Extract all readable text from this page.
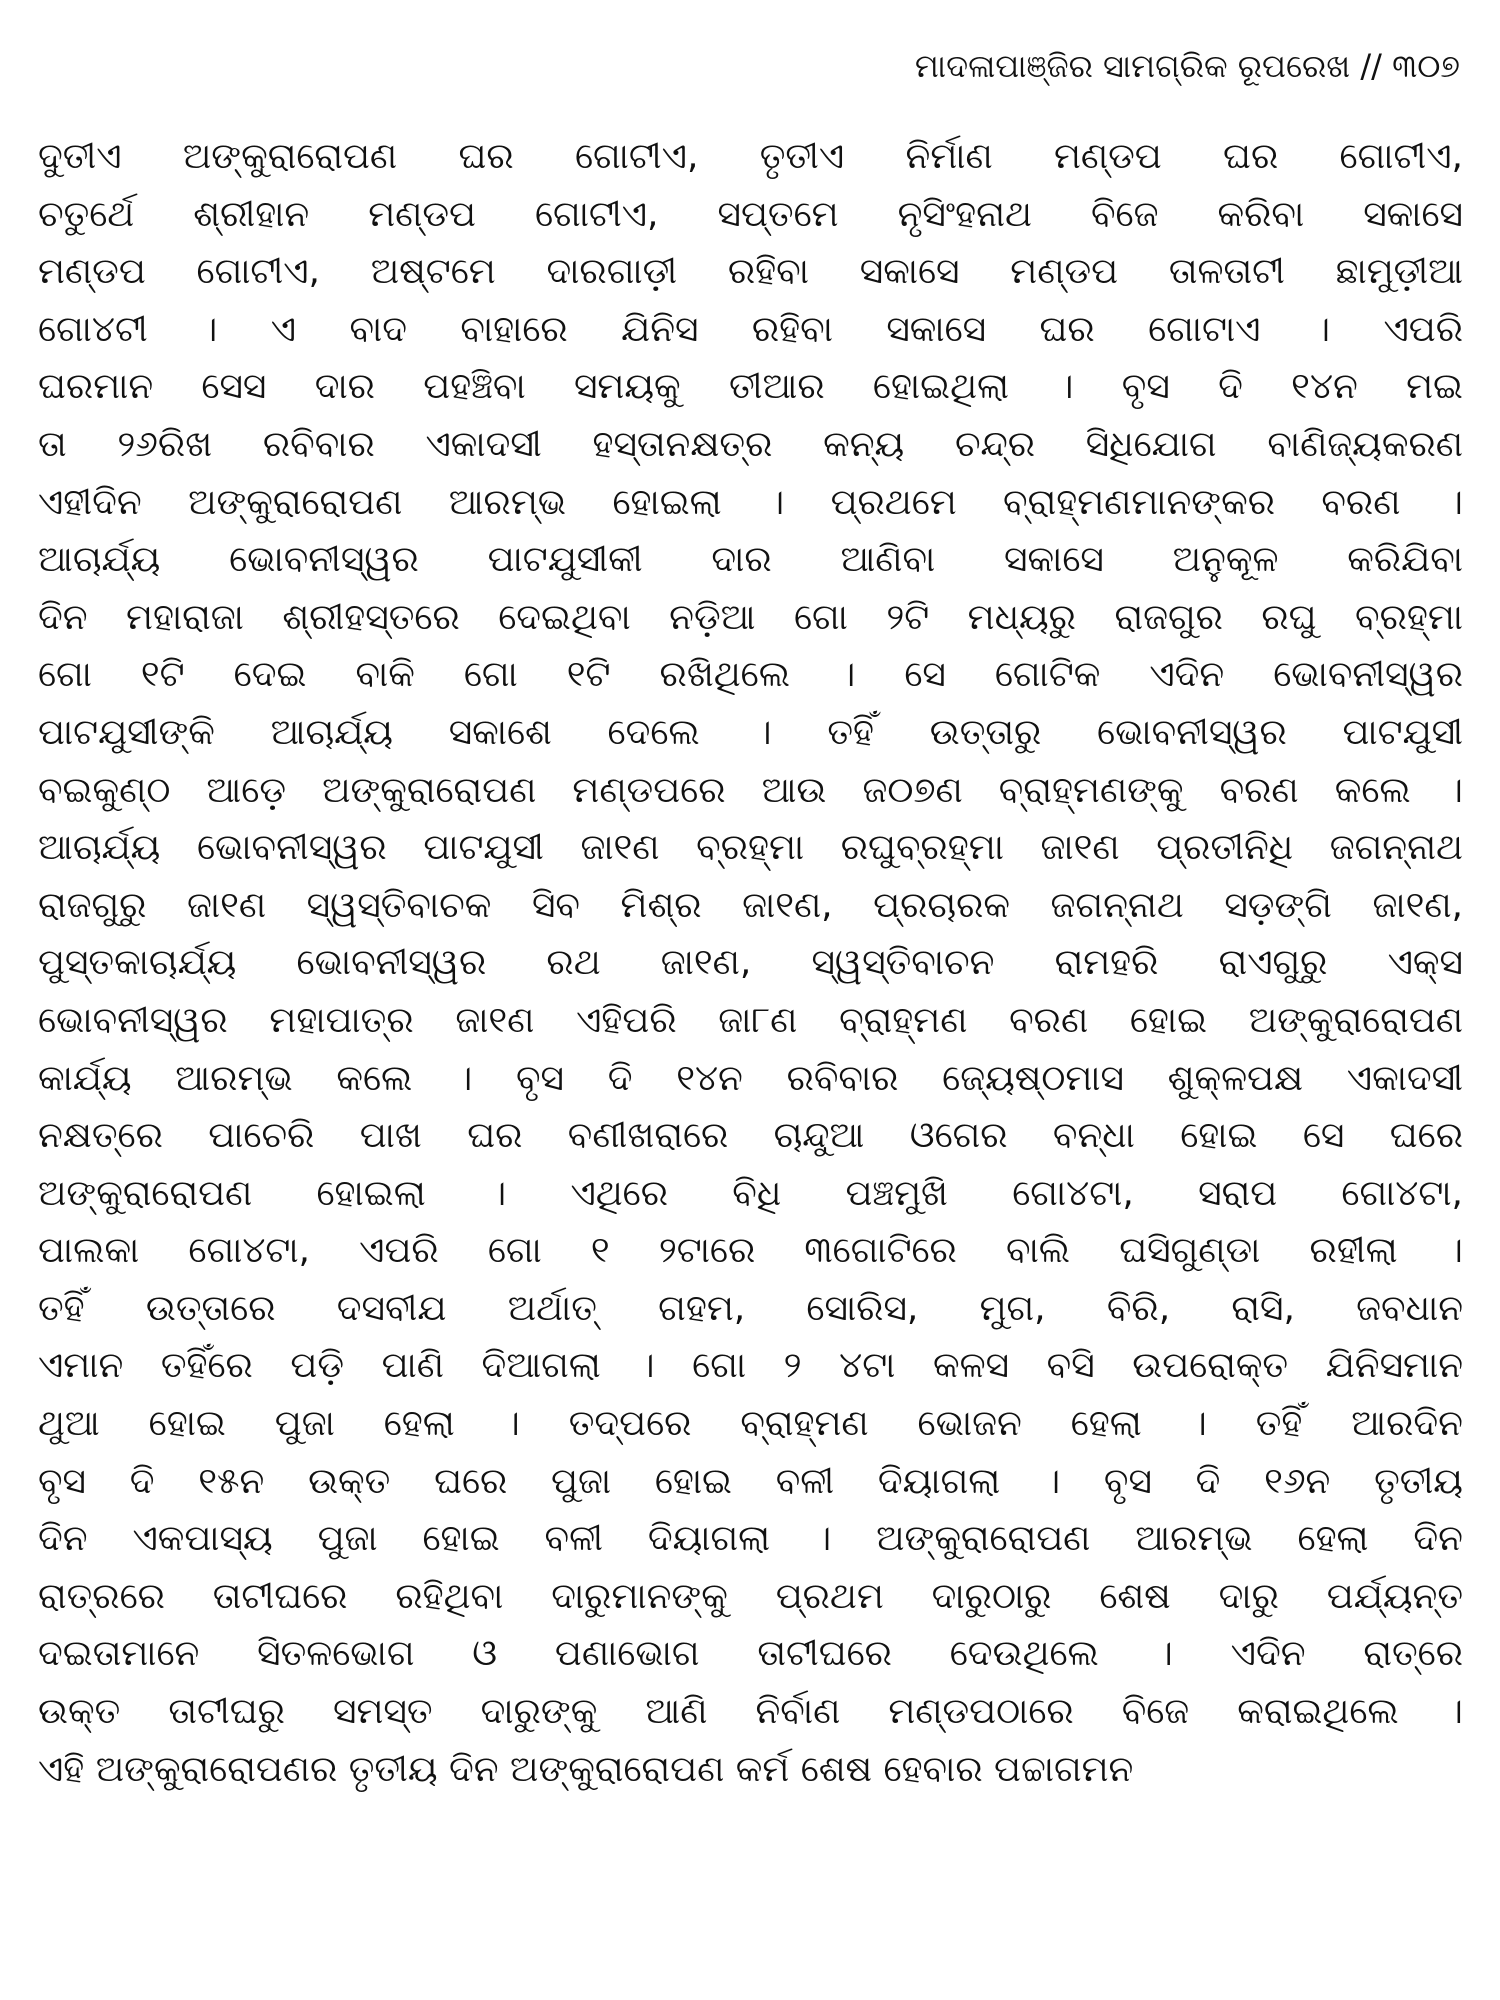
ମାଦଳାପାଞ୍ଜିର ସାମଗ୍ରିକ ରୂପରେଖ // ୩୦୭
ଦୁତୀଏ ଅଙ୍କୁରାରୋପଣ ଘର ଗୋଟୀଏ, ତୃତୀଏ ନିର୍ମାଣ ମଣ୍ଡପ ଘର ଗୋଟୀଏ,
ଚତୁର୍ଥେ ଶ୍ରୀହାନ ମଣ୍ଡପ ଗୋଟୀଏ, ସପ୍ତମେ ନୃସିଂହନାଥ ବିଜେ କରିବା ସକାସେ
ମଣ୍ଡପ ଗୋଟୀଏ, ଅଷ୍ଟମେ ଦାରଗାଡ଼ୀ ରହିବା ସକାସେ ମଣ୍ଡପ ତାଳତାଟୀ ଛାମୁଡ଼ୀଆ
ଗୋ୪ଟୀ । ଏ ବାଦ ବାହାରେ ଯିନିସ ରହିବା ସକାସେ ଘର ଗୋଟାଏ । ଏପରି
ଘରମାନ ସେସ ଦାର ପହଞ୍ଚିବା ସମୟକୁ ତୀଆର ହୋଇଥିଲା । ବୃସ ଦି ୧୪ନ ମଇ
ତା ୨୬ରିଖ ରବିବାର ଏକାଦସୀ ହସ୍ତାନକ୍ଷତ୍ର କନ୍ୟ ଚନ୍ଦ୍ର ସିଧିଯୋଗ ବାଣିଜ୍ୟକରଣ
ଏହୀଦିନ ଅଙ୍କୁରାରୋପଣ ଆରମ୍ଭ ହୋଇଲା । ପ୍ରଥମେ ବ୍ରାହ୍ମଣମାନଙ୍କର ବରଣ ।
ଆଚାର୍ଯ୍ୟ ଭୋବନୀସ୍ୱର ପାଟଯୁସୀକୀ ଦାର ଆଣିବା ସକାସେ ଅନୁକୂଳ କରିଯିବା
ଦିନ ମହାରାଜା ଶ୍ରୀହସ୍ତରେ ଦେଇଥିବା ନଡ଼ିଆ ଗୋ ୨ଟି ମଧ୍ୟରୁ ରାଜଗୁର ରଘୁ ବ୍ରହ୍ମା
ଗୋ ୧ଟି ଦେଇ ବାକି ଗୋ ୧ଟି ରଖିଥିଲେ । ସେ ଗୋଟିକ ଏଦିନ ଭୋବନୀସ୍ୱର
ପାଟଯୁସୀଙ୍କି ଆଚାର୍ଯ୍ୟ ସକାଶେ ଦେଲେ । ତହିଁ ଉତ୍ତାରୁ ଭୋବନୀସ୍ୱର ପାଟଯୁସୀ
ବଇକୁଣ୍ଠ ଆଡ଼େ ଅଙ୍କୁରାରୋପଣ ମଣ୍ଡପରେ ଆଉ ଜ୦୭ଣ ବ୍ରାହ୍ମଣଙ୍କୁ ବରଣ କଲେ ।
ଆଚାର୍ଯ୍ୟ ଭୋବନୀସ୍ୱର ପାଟଯୁସୀ ଜା୧ଣ ବ୍ରହ୍ମା ରଘୁବ୍ରହ୍ମା ଜା୧ଣ ପ୍ରତୀନିଧି ଜଗନ୍ନାଥ
ରାଜଗୁରୁ ଜା୧ଣ ସ୍ୱସ୍ତିବାଚକ ସିବ ମିଶ୍ର ଜା୧ଣ, ପ୍ରଚାରକ ଜଗନ୍ନାଥ ସଡ଼ଙ୍ଗି ଜା୧ଣ,
ପୁସ୍ତକାଚାର୍ଯ୍ୟ ଭୋବନୀସ୍ୱର ରଥ ଜା୧ଣ, ସ୍ୱସ୍ତିବାଚନ ରାମହରି ରାଏଗୁରୁ ଏକ୍ସ
ଭୋବନୀସ୍ୱର ମହାପାତ୍ର ଜା୧ଣ ଏହିପରି ଜା୮ଣ ବ୍ରାହ୍ମଣ ବରଣ ହୋଇ ଅଙ୍କୁରାରୋପଣ
କାର୍ଯ୍ୟ ଆରମ୍ଭ କଲେ । ବୃସ ଦି ୧୪ନ ରବିବାର ଜ୍ୟେଷ୍ଠମାସ ଶୁକ୍ଳପକ୍ଷ ଏକାଦସୀ
ନକ୍ଷତ୍ରେ ପାଚେରି ପାଖ ଘର ବଣୀଖରାରେ ଚାନ୍ଦୁଆ ଓଗେର ବନ୍ଧା ହୋଇ ସେ ଘରେ
ଅଙ୍କୁରାରୋପଣ ହୋଇଲା । ଏଥିରେ ବିଧି ପଞ୍ଚମୁଖି ଗୋ୪ଟା, ସରାପ ଗୋ୪ଟା,
ପାଲକା ଗୋ୪ଟା, ଏପରି ଗୋ ୧ ୨ଟାରେ ୩ଗୋଟିରେ ବାଲି ଘସିଗୁଣ୍ଡା ରହୀଲା ।
ତହିଁ ଉତ୍ତାରେ ଦସବୀଯ ଅର୍ଥାତ୍ ଗହମ, ସୋରିସ, ମୁଗ, ବିରି, ରାସି, ଜବଧାନ
ଏମାନ ତହିଁରେ ପଡ଼ି ପାଣି ଦିଆଗଲା । ଗୋ ୨ ୪ଟା କଳସ ବସି ଉପରୋକ୍ତ ଯିନିସମାନ
ଥୁଆ ହୋଇ ପୁଜା ହେଲା । ତଦ୍‌ପରେ ବ୍ରାହ୍ମଣ ଭୋଜନ ହେଲା । ତହିଁ ଆରଦିନ
ବୃସ ଦି ୧୫ନ ଉକ୍ତ ଘରେ ପୁଜା ହୋଇ ବଳୀ ଦିୟାଗଲା । ବୃସ ଦି ୧୬ନ ତୃତୀୟ
ଦିନ ଏକପାସ୍ୟ ପୁଜା ହୋଇ ବଳୀ ଦିୟାଗଲା । ଅଙ୍କୁରାରୋପଣ ଆରମ୍ଭ ହେଲା ଦିନ
ରାତ୍ରରେ ତାଟୀଘରେ ରହିଥିବା ଦାରୁମାନଙ୍କୁ ପ୍ରଥମ ଦାରୁଠାରୁ ଶେଷ ଦାରୁ ପର୍ଯ୍ୟନ୍ତ
ଦଇତାମାନେ ସିତଳଭୋଗ ଓ ପଣାଭୋଗ ତାଟୀଘରେ ଦେଉଥିଲେ । ଏଦିନ ରାତ୍ରେ
ଉକ୍ତ ତାଟୀଘରୁ ସମସ୍ତ ଦାରୁଙ୍କୁ ଆଣି ନିର୍ବାଣ ମଣ୍ଡପଠାରେ ବିଜେ କରାଇଥିଲେ ।
ଏହି ଅଙ୍କୁରାରୋପଣର ତୃତୀୟ ଦିନ ଅଙ୍କୁରାରୋପଣ କର୍ମ ଶେଷ ହେବାର ପଚ୍ଚାଗମନ
